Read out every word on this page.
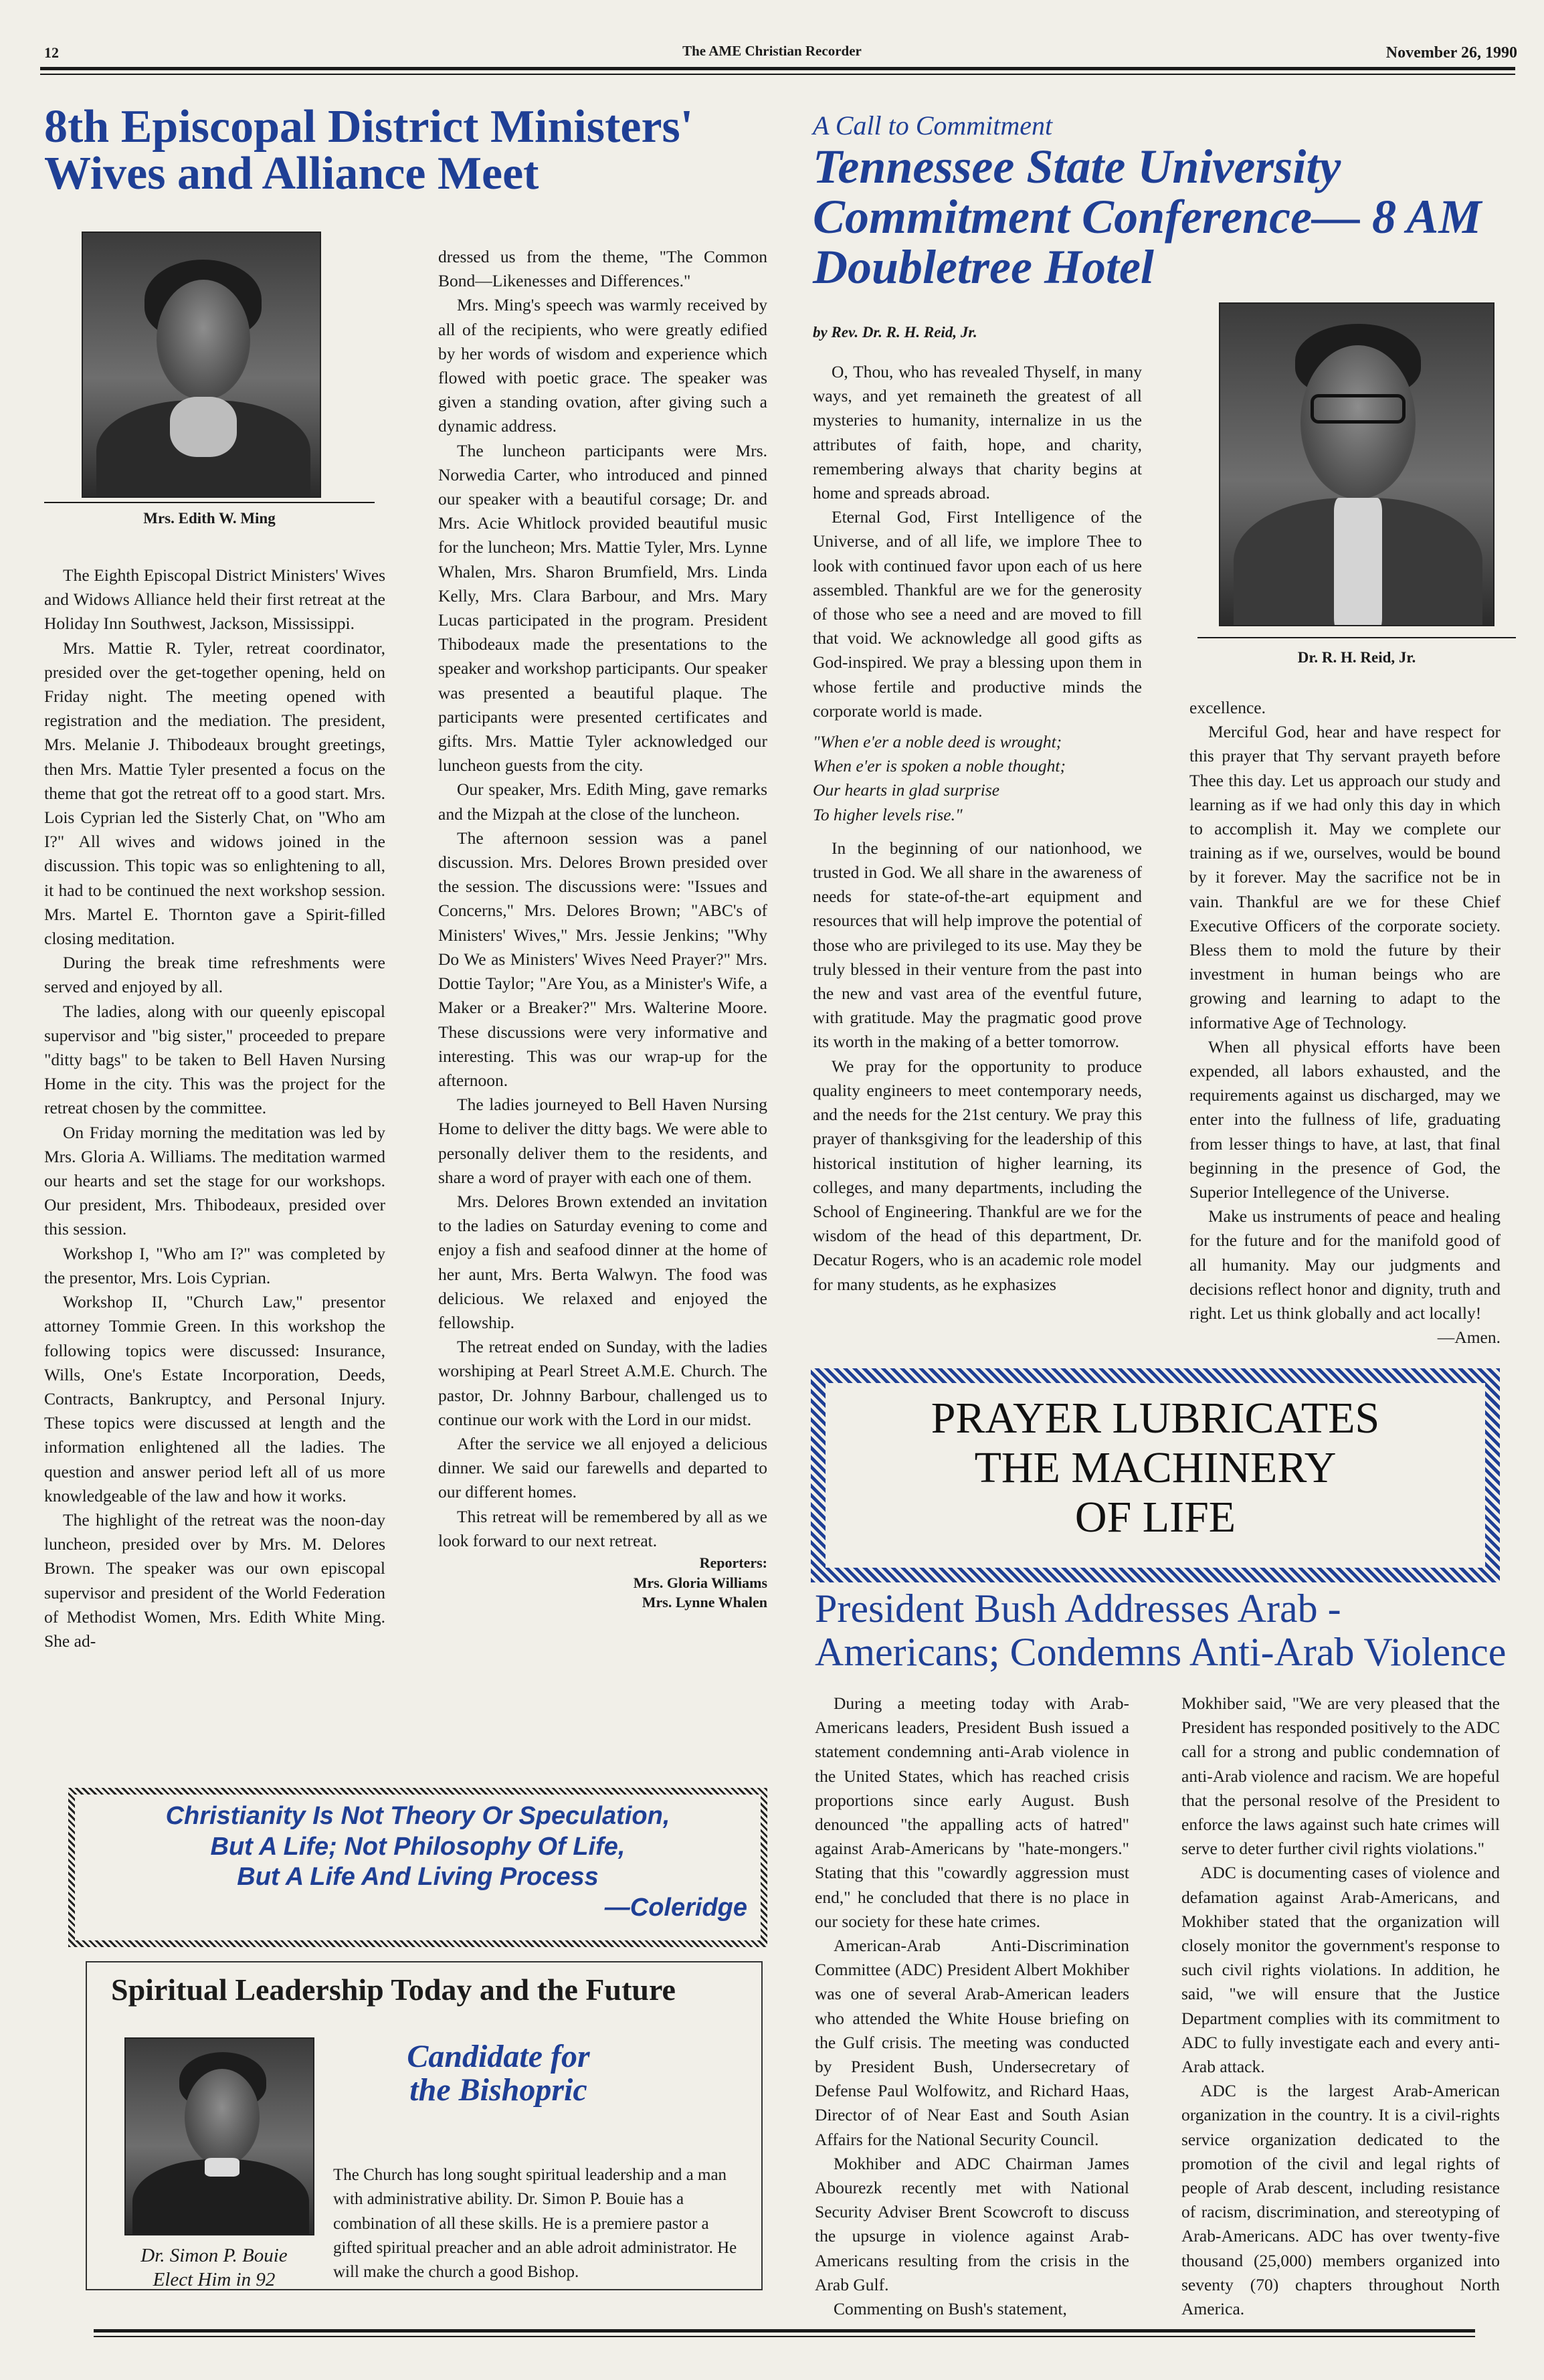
12	The AME Christian Recorder	November 26, 1990
8th Episcopal District Ministers' Wives and Alliance Meet
Mrs. Edith W. Ming

The Eighth Episcopal District Ministers' Wives and Widows Alliance held their first retreat at the Holiday Inn Southwest, Jackson, Mississippi.

Mrs. Mattie R. Tyler, retreat coordinator, presided over the get-together opening, held on Friday night. The meeting opened with registration and the mediation. The president, Mrs. Melanie J. Thibodeaux brought greetings, then Mrs. Mattie Tyler presented a focus on the theme that got the retreat off to a good start. Mrs. Lois Cyprian led the Sisterly Chat, on "Who am I?" All wives and widows joined in the discussion. This topic was so enlightening to all, it had to be continued the next workshop session. Mrs. Martel E. Thornton gave a Spirit-filled closing meditation.

During the break time refreshments were served and enjoyed by all.

The ladies, along with our queenly episcopal supervisor and "big sister," proceeded to prepare "ditty bags" to be taken to Bell Haven Nursing Home in the city. This was the project for the retreat chosen by the committee.

On Friday morning the meditation was led by Mrs. Gloria A. Williams. The meditation warmed our hearts and set the stage for our workshops. Our president, Mrs. Thibodeaux, presided over this session.

Workshop I, "Who am I?" was completed by the presentor, Mrs. Lois Cyprian.

Workshop II, "Church Law," presentor attorney Tommie Green. In this workshop the following topics were discussed: Insurance, Wills, One's Estate Incorporation, Deeds, Contracts, Bankruptcy, and Personal Injury. These topics were discussed at length and the information enlightened all the ladies. The question and answer period left all of us more knowledgeable of the law and how it works.

The highlight of the retreat was the noon-day luncheon, presided over by Mrs. M. Delores Brown. The speaker was our own episcopal supervisor and president of the World Federation of Methodist Women, Mrs. Edith White Ming. She ad-

dressed us from the theme, "The Common Bond—Likenesses and Differences."

Mrs. Ming's speech was warmly received by all of the recipients, who were greatly edified by her words of wisdom and experience which flowed with poetic grace. The speaker was given a standing ovation, after giving such a dynamic address.

The luncheon participants were Mrs. Norwedia Carter, who introduced and pinned our speaker with a beautiful corsage; Dr. and Mrs. Acie Whitlock provided beautiful music for the luncheon; Mrs. Mattie Tyler, Mrs. Lynne Whalen, Mrs. Sharon Brumfield, Mrs. Linda Kelly, Mrs. Clara Barbour, and Mrs. Mary Lucas participated in the program. President Thibodeaux made the presentations to the speaker and workshop participants. Our speaker was presented a beautiful plaque. The participants were presented certificates and gifts. Mrs. Mattie Tyler acknowledged our luncheon guests from the city.

Our speaker, Mrs. Edith Ming, gave remarks and the Mizpah at the close of the luncheon.

The afternoon session was a panel discussion. Mrs. Delores Brown presided over the session. The discussions were: "Issues and Concerns," Mrs. Delores Brown; "ABC's of Ministers' Wives," Mrs. Jessie Jenkins; "Why Do We as Ministers' Wives Need Prayer?" Mrs. Dottie Taylor; "Are You, as a Minister's Wife, a Maker or a Breaker?" Mrs. Walterine Moore. These discussions were very informative and interesting. This was our wrap-up for the afternoon.

The ladies journeyed to Bell Haven Nursing Home to deliver the ditty bags. We were able to personally deliver them to the residents, and share a word of prayer with each one of them.

Mrs. Delores Brown extended an invitation to the ladies on Saturday evening to come and enjoy a fish and seafood dinner at the home of her aunt, Mrs. Berta Walwyn. The food was delicious. We relaxed and enjoyed the fellowship.

The retreat ended on Sunday, with the ladies worshiping at Pearl Street A.M.E. Church. The pastor, Dr. Johnny Barbour, challenged us to continue our work with the Lord in our midst.

After the service we all enjoyed a delicious dinner. We said our farewells and departed to our different homes.

This retreat will be remembered by all as we look forward to our next retreat.

Reporters:
Mrs. Gloria Williams
Mrs. Lynne Whalen
Christianity Is Not Theory Or Speculation,
But A Life; Not Philosophy Of Life,
But A Life And Living Process
—Coleridge
Spiritual Leadership Today and the Future
Dr. Simon P. Bouie
Elect Him in 92
Candidate for the Bishopric
The Church has long sought spiritual leadership and a man with administrative ability. Dr. Simon P. Bouie has a combination of all these skills. He is a premiere pastor a gifted spiritual preacher and an able adroit administrator. He will make the church a good Bishop.
A Call to Commitment
Tennessee State University Commitment Conference— 8 AM Doubletree Hotel
by Rev. Dr. R. H. Reid, Jr.
Dr. R. H. Reid, Jr.

O, Thou, who has revealed Thyself, in many ways, and yet remaineth the greatest of all mysteries to humanity, internalize in us the attributes of faith, hope, and charity, remembering always that charity begins at home and spreads abroad.

Eternal God, First Intelligence of the Universe, and of all life, we implore Thee to look with continued favor upon each of us here assembled. Thankful are we for the generosity of those who see a need and are moved to fill that void. We acknowledge all good gifts as God-inspired. We pray a blessing upon them in whose fertile and productive minds the corporate world is made.

"When e'er a noble deed is wrought;
When e'er is spoken a noble thought;
Our hearts in glad surprise
To higher levels rise."

In the beginning of our nationhood, we trusted in God. We all share in the awareness of needs for state-of-the-art equipment and resources that will help improve the potential of those who are privileged to its use. May they be truly blessed in their venture from the past into the new and vast area of the eventful future, with gratitude. May the pragmatic good prove its worth in the making of a better tomorrow.

We pray for the opportunity to produce quality engineers to meet contemporary needs, and the needs for the 21st century. We pray this prayer of thanksgiving for the leadership of this historical institution of higher learning, its colleges, and many departments, including the School of Engineering. Thankful are we for the wisdom of the head of this department, Dr. Decatur Rogers, who is an academic role model for many students, as he exphasizes

excellence.

Merciful God, hear and have respect for this prayer that Thy servant prayeth before Thee this day. Let us approach our study and learning as if we had only this day in which to accomplish it. May we complete our training as if we, ourselves, would be bound by it forever. May the sacrifice not be in vain. Thankful are we for these Chief Executive Officers of the corporate society. Bless them to mold the future by their investment in human beings who are growing and learning to adapt to the informative Age of Technology.

When all physical efforts have been expended, all labors exhausted, and the requirements against us discharged, may we enter into the fullness of life, graduating from lesser things to have, at last, that final beginning in the presence of God, the Superior Intellegence of the Universe.

Make us instruments of peace and healing for the future and for the manifold good of all humanity. May our judgments and decisions reflect honor and dignity, truth and right. Let us think globally and act locally!

—Amen.
PRAYER LUBRICATES
THE MACHINERY
OF LIFE
President Bush Addresses Arab - Americans; Condemns Anti-Arab Violence

During a meeting today with Arab-Americans leaders, President Bush issued a statement condemning anti-Arab violence in the United States, which has reached crisis proportions since early August. Bush denounced "the appalling acts of hatred" against Arab-Americans by "hate-mongers." Stating that this "cowardly aggression must end," he concluded that there is no place in our society for these hate crimes.

American-Arab Anti-Discrimination Committee (ADC) President Albert Mokhiber was one of several Arab-American leaders who attended the White House briefing on the Gulf crisis. The meeting was conducted by President Bush, Undersecretary of Defense Paul Wolfowitz, and Richard Haas, Director of of Near East and South Asian Affairs for the National Security Council.

Mokhiber and ADC Chairman James Abourezk recently met with National Security Adviser Brent Scowcroft to discuss the upsurge in violence against Arab-Americans resulting from the crisis in the Arab Gulf.

Commenting on Bush's statement,

Mokhiber said, "We are very pleased that the President has responded positively to the ADC call for a strong and public condemnation of anti-Arab violence and racism. We are hopeful that the personal resolve of the President to enforce the laws against such hate crimes will serve to deter further civil rights violations."

ADC is documenting cases of violence and defamation against Arab-Americans, and Mokhiber stated that the organization will closely monitor the government's response to such civil rights violations. In addition, he said, "we will ensure that the Justice Department complies with its commitment to ADC to fully investigate each and every anti-Arab attack.

ADC is the largest Arab-American organization in the country. It is a civil-rights service organization dedicated to the promotion of the civil and legal rights of people of Arab descent, including resistance of racism, discrimination, and stereotyping of Arab-Americans. ADC has over twenty-five thousand (25,000) members organized into seventy (70) chapters throughout North America.
